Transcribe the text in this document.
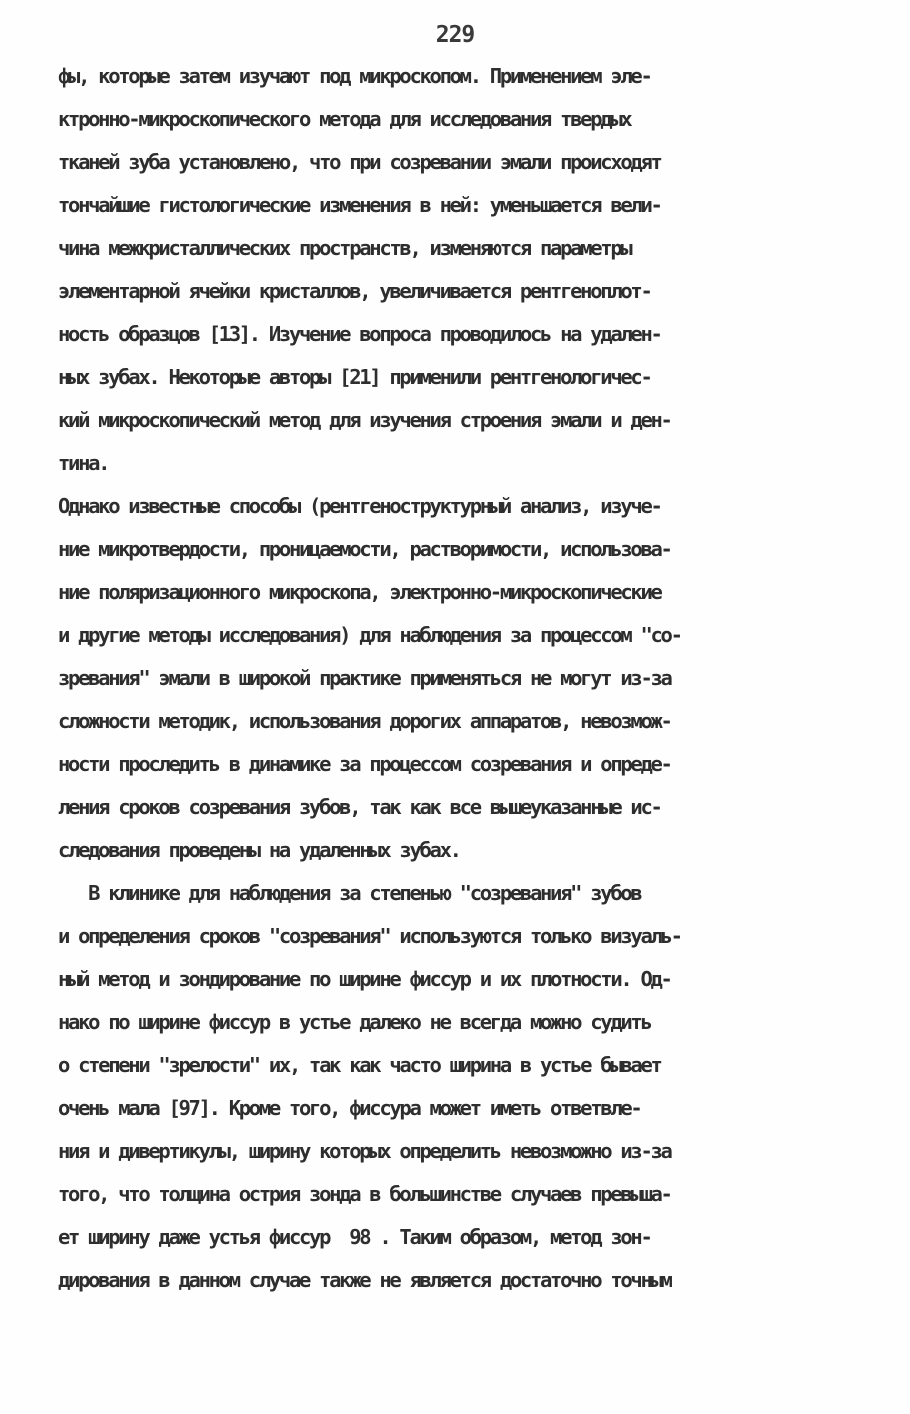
229
фы, которые затем изучают под микроскопом. Применением эле-
ктронно-микроскопического метода для исследования твердых
тканей зуба установлено, что при созревании эмали происходят
тончайшие гистологические изменения в ней: уменьшается вели-
чина межкристаллических пространств, изменяются параметры
элементарной ячейки кристаллов, увеличивается рентгеноплот-
ность образцов [13]. Изучение вопроса проводилось на удален-
ных зубах. Некоторые авторы [21] применили рентгенологичес-
кий микроскопический метод для изучения строения эмали и ден-
тина.
Однако известные способы (рентгеноструктурный анализ, изуче-
ние микротвердости, проницаемости, растворимости, использова-
ние поляризационного микроскопа, электронно-микроскопические
и другие методы исследования) для наблюдения за процессом "со-
зревания" эмали в широкой практике применяться не могут из-за
сложности методик, использования дорогих аппаратов, невозмож-
ности проследить в динамике за процессом созревания и опреде-
ления сроков созревания зубов, так как все вышеуказанные ис-
следования проведены на удаленных зубах.
В клинике для наблюдения за степенью "созревания" зубов
и определения сроков "созревания" используются только визуаль-
ный метод и зондирование по ширине фиссур и их плотности. Од-
нако по ширине фиссур в устье далеко не всегда можно судить
о степени "зрелости" их, так как часто ширина в устье бывает
очень мала [97]. Кроме того, фиссура может иметь ответвле-
ния и дивертикулы, ширину которых определить невозможно из-за
того, что толщина острия зонда в большинстве случаев превыша-
ет ширину даже устья фиссур  98 . Таким образом, метод зон-
дирования в данном случае также не является достаточно точным
